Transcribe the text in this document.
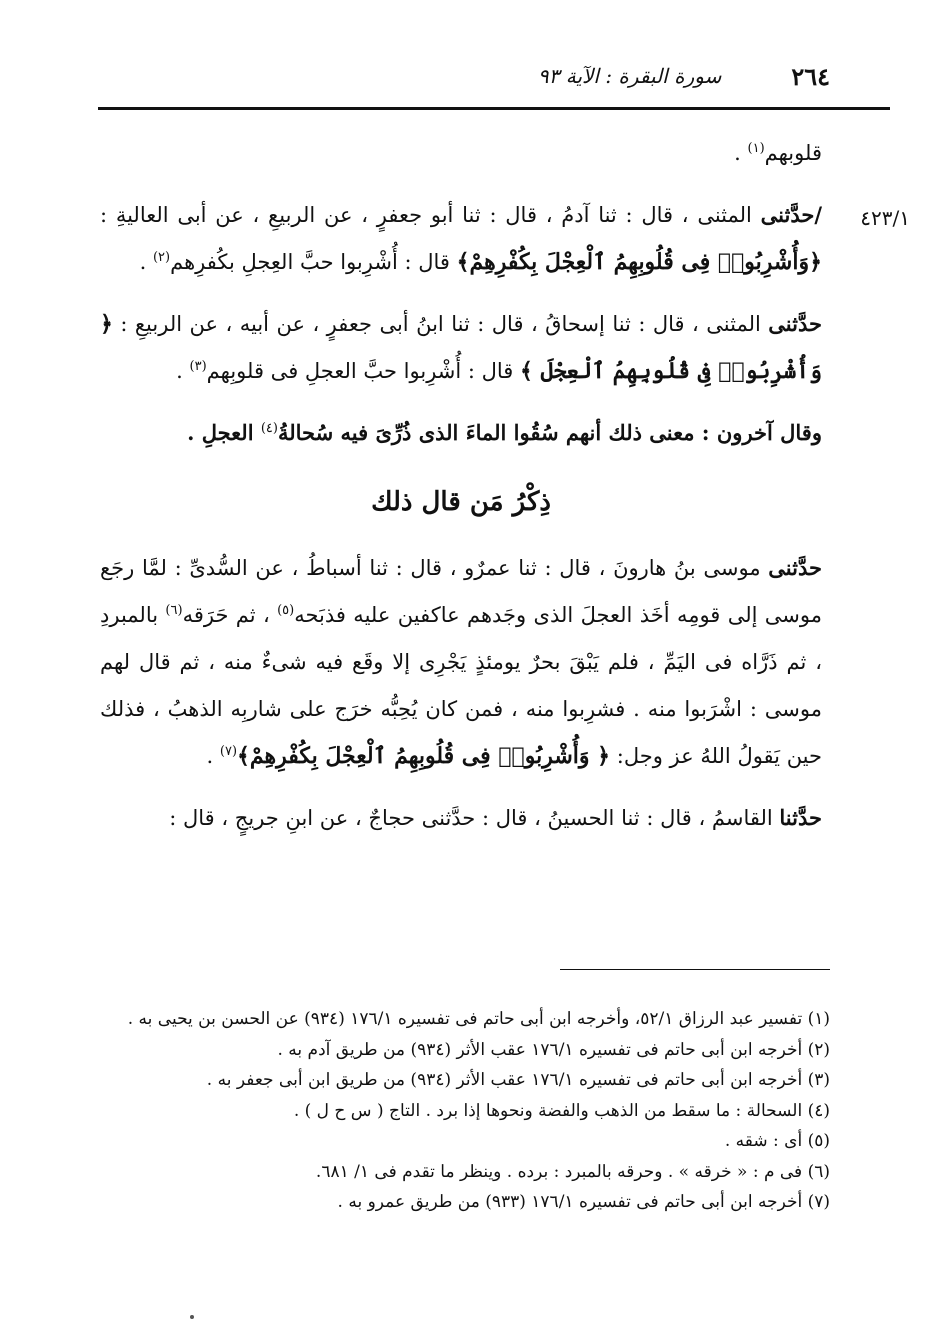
٢٦٤
سورة البقرة : الآية ٩٣
٤٢٣/١

قلوبهم$^{(١)}$ .

/حدَّثنى المثنى ، قال : ثنا آدمُ ، قال : ثنا أبو جعفرٍ ، عن الربيعِ ، عن أبى العاليةِ : ﴿وَأُشْرِبُوا۟ فِى قُلُوبِهِمُ ٱلْعِجْلَ بِكُفْرِهِمْ﴾ قال : أُشْرِبوا حبَّ العِجلِ بكُفرِهم$^{(٢)}$ .

حدَّثنى المثنى ، قال : ثنا إسحاقُ ، قال : ثنا ابنُ أبى جعفرٍ ، عن أبيه ، عن الربيعِ : ﴿ وَأُشْرِبُوا۟ فِى قُلُوبِهِمُ ٱلْعِجْلَ ﴾ قال : أُشْرِبوا حبَّ العجلِ فى قلوبِهم$^{(٣)}$ .

وقال آخرون : معنى ذلك أنهم سُقُوا الماءَ الذى ذُرِّىَ فيه سُحالةُ$^{(٤)}$ العجلِ .

ذِكْرُ مَن قال ذلك

حدَّثنى موسى بنُ هارونَ ، قال : ثنا عمرٌو ، قال : ثنا أسباطُ ، عن السُّدىِّ : لمَّا رجَع موسى إلى قومِه أخَذ العجلَ الذى وجَدهم عاكفين عليه فذبَحه$^{(٥)}$ ، ثم حَرَقه$^{(٦)}$ بالمبردِ ، ثم ذَرَّاه فى اليَمِّ ، فلم يَبْقَ بحرٌ يومئذٍ يَجْرِى إلا وقَع فيه شىءٌ منه ، ثم قال لهم موسى : اشْرَبوا منه . فشرِبوا منه ، فمن كان يُحِبُّه خرَج على شاربِه الذهبُ ، فذلك حين يَقولُ اللهُ عز وجل: ﴿ وَأُشْرِبُوا۟ فِى قُلُوبِهِمُ ٱلْعِجْلَ بِكُفْرِهِمْ﴾$^{(٧)}$ .

حدَّثنا القاسمُ ، قال : ثنا الحسينُ ، قال : حدَّثنى حجاجٌ ، عن ابنِ جريجٍ ، قال :

(١) تفسير عبد الرزاق ٥٢/١، وأخرجه ابن أبى حاتم فى تفسيره ١٧٦/١ (٩٣٤) عن الحسن بن يحيى به .

(٢) أخرجه ابن أبى حاتم فى تفسيره ١٧٦/١ عقب الأثر (٩٣٤) من طريق آدم به .

(٣) أخرجه ابن أبى حاتم فى تفسيره ١٧٦/١ عقب الأثر (٩٣٤) من طريق ابن أبى جعفر به .

(٤) السحالة : ما سقط من الذهب والفضة ونحوها إذا برد . التاج ( س ح ل ) .

(٥) أى : شقه .

(٦) فى م : « خرقه » . وحرقه بالمبرد : برده . وينظر ما تقدم فى ١/ ٦٨١.

(٧) أخرجه ابن أبى حاتم فى تفسيره ١٧٦/١ (٩٣٣) من طريق عمرو به .
